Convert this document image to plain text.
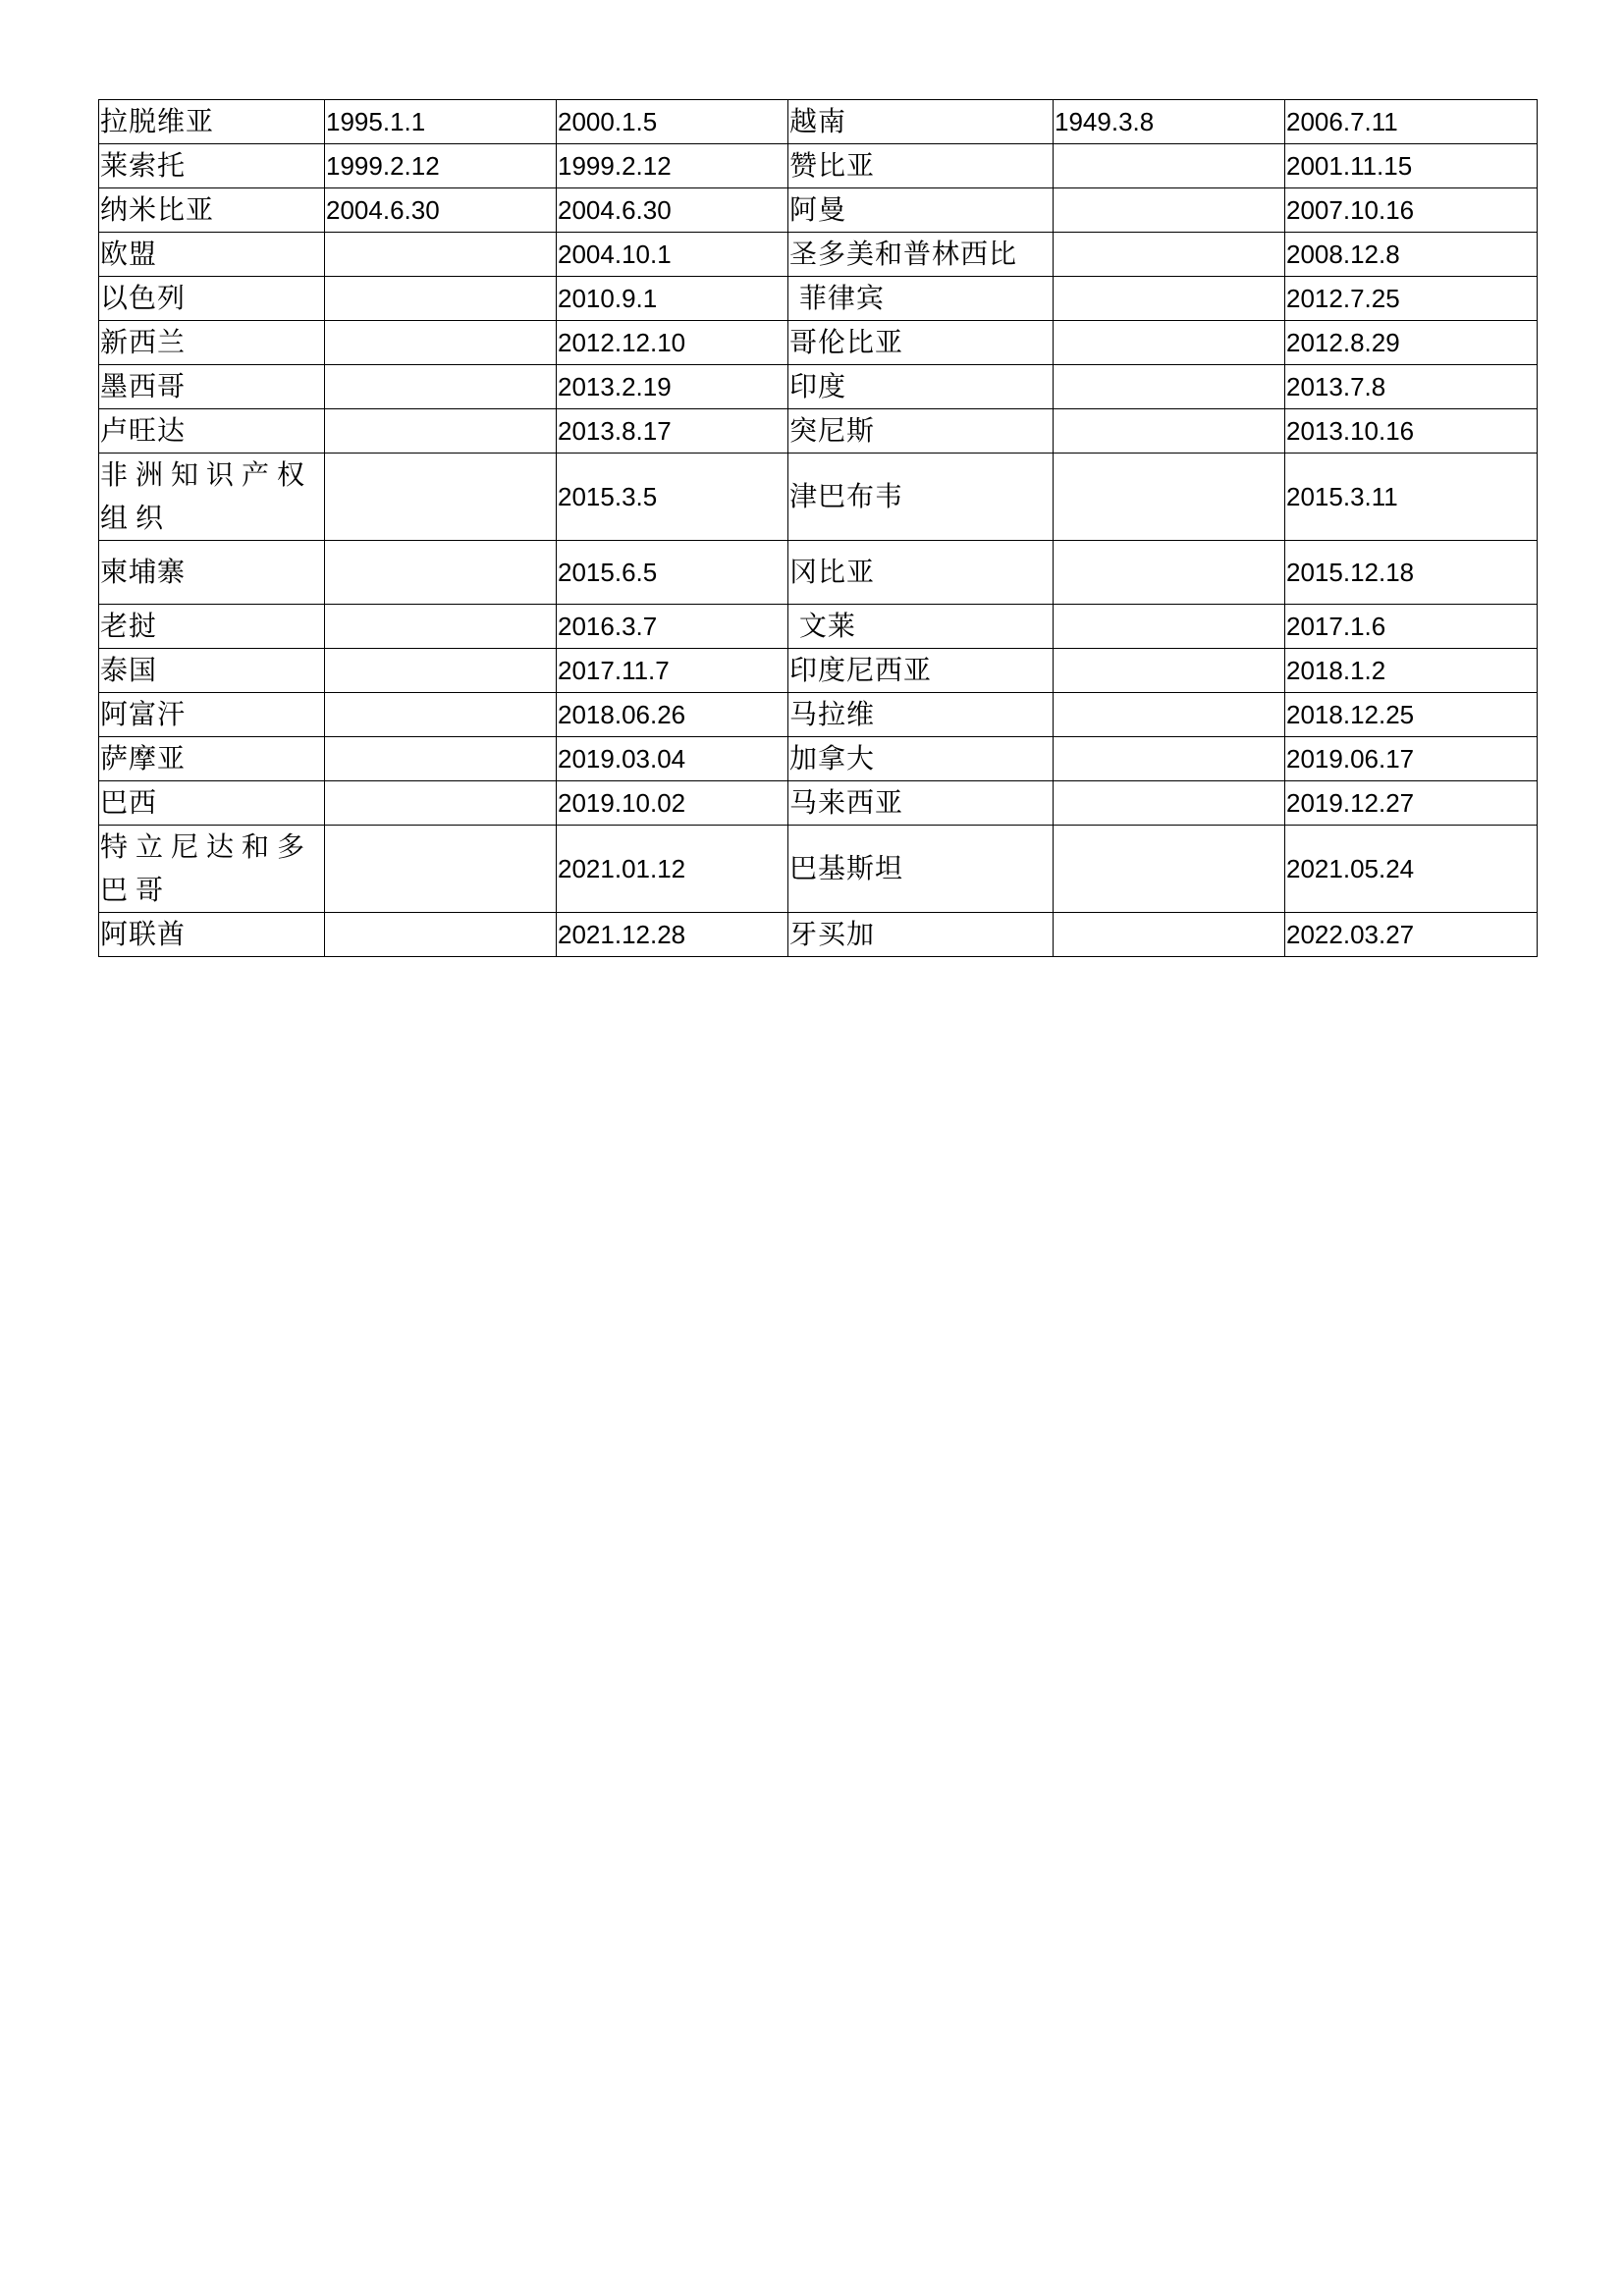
拉脱维亚	1995.1.1	2000.1.5	越南	1949.3.8	2006.7.11
莱索托	1999.2.12	1999.2.12	赞比亚		2001.11.15
纳米比亚	2004.6.30	2004.6.30	阿曼		2007.10.16
欧盟		2004.10.1	圣多美和普林西比		2008.12.8
以色列		2010.9.1	菲律宾		2012.7.25
新西兰		2012.12.10	哥伦比亚		2012.8.29
墨西哥		2013.2.19	印度		2013.7.8
卢旺达		2013.8.17	突尼斯		2013.10.16
非洲知识产权组织		2015.3.5	津巴布韦		2015.3.11
柬埔寨		2015.6.5	冈比亚		2015.12.18
老挝		2016.3.7	文莱		2017.1.6
泰国		2017.11.7	印度尼西亚		2018.1.2
阿富汗		2018.06.26	马拉维		2018.12.25
萨摩亚		2019.03.04	加拿大		2019.06.17
巴西		2019.10.02	马来西亚		2019.12.27
特立尼达和多巴哥		2021.01.12	巴基斯坦		2021.05.24
阿联酋		2021.12.28	牙买加		2022.03.27
